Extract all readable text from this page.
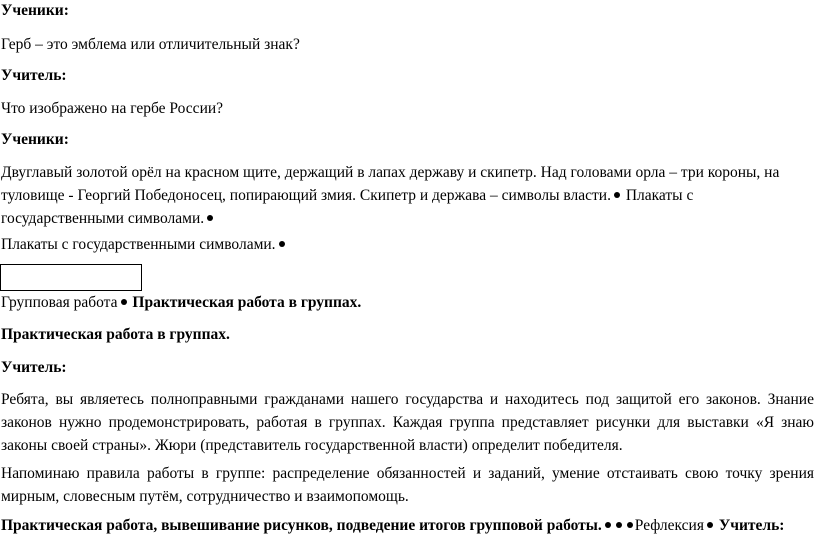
Ученики:

Герб – это эмблема или отличительный знак?

Учитель:

Что изображено на гербе России?

Ученики:

Двуглавый золотой орёл на красном щите, держащий в лапах державу и скипетр. Над головами орла – три короны, на туловище - Георгий Победоносец, попирающий змия. Скипетр и держава – символы власти. Плакаты с государственными символами.

Плакаты с государственными символами.

Групповая работа Практическая работа в группах.

Практическая работа в группах.

Учитель:

Ребята, вы являетесь полноправными гражданами нашего государства и находитесь под защитой его законов. Знание законов нужно продемонстрировать, работая в группах. Каждая группа представляет рисунки для выставки «Я знаю законы своей страны». Жюри (представитель государственной власти) определит победителя.

Напоминаю правила работы в группе: распределение обязанностей и заданий, умение отстаивать свою точку зрения мирным, словесным путём, сотрудничество и взаимопомощь.

Практическая работа, вывешивание рисунков, подведение итогов групповой работы. Рефлексия Учитель:
